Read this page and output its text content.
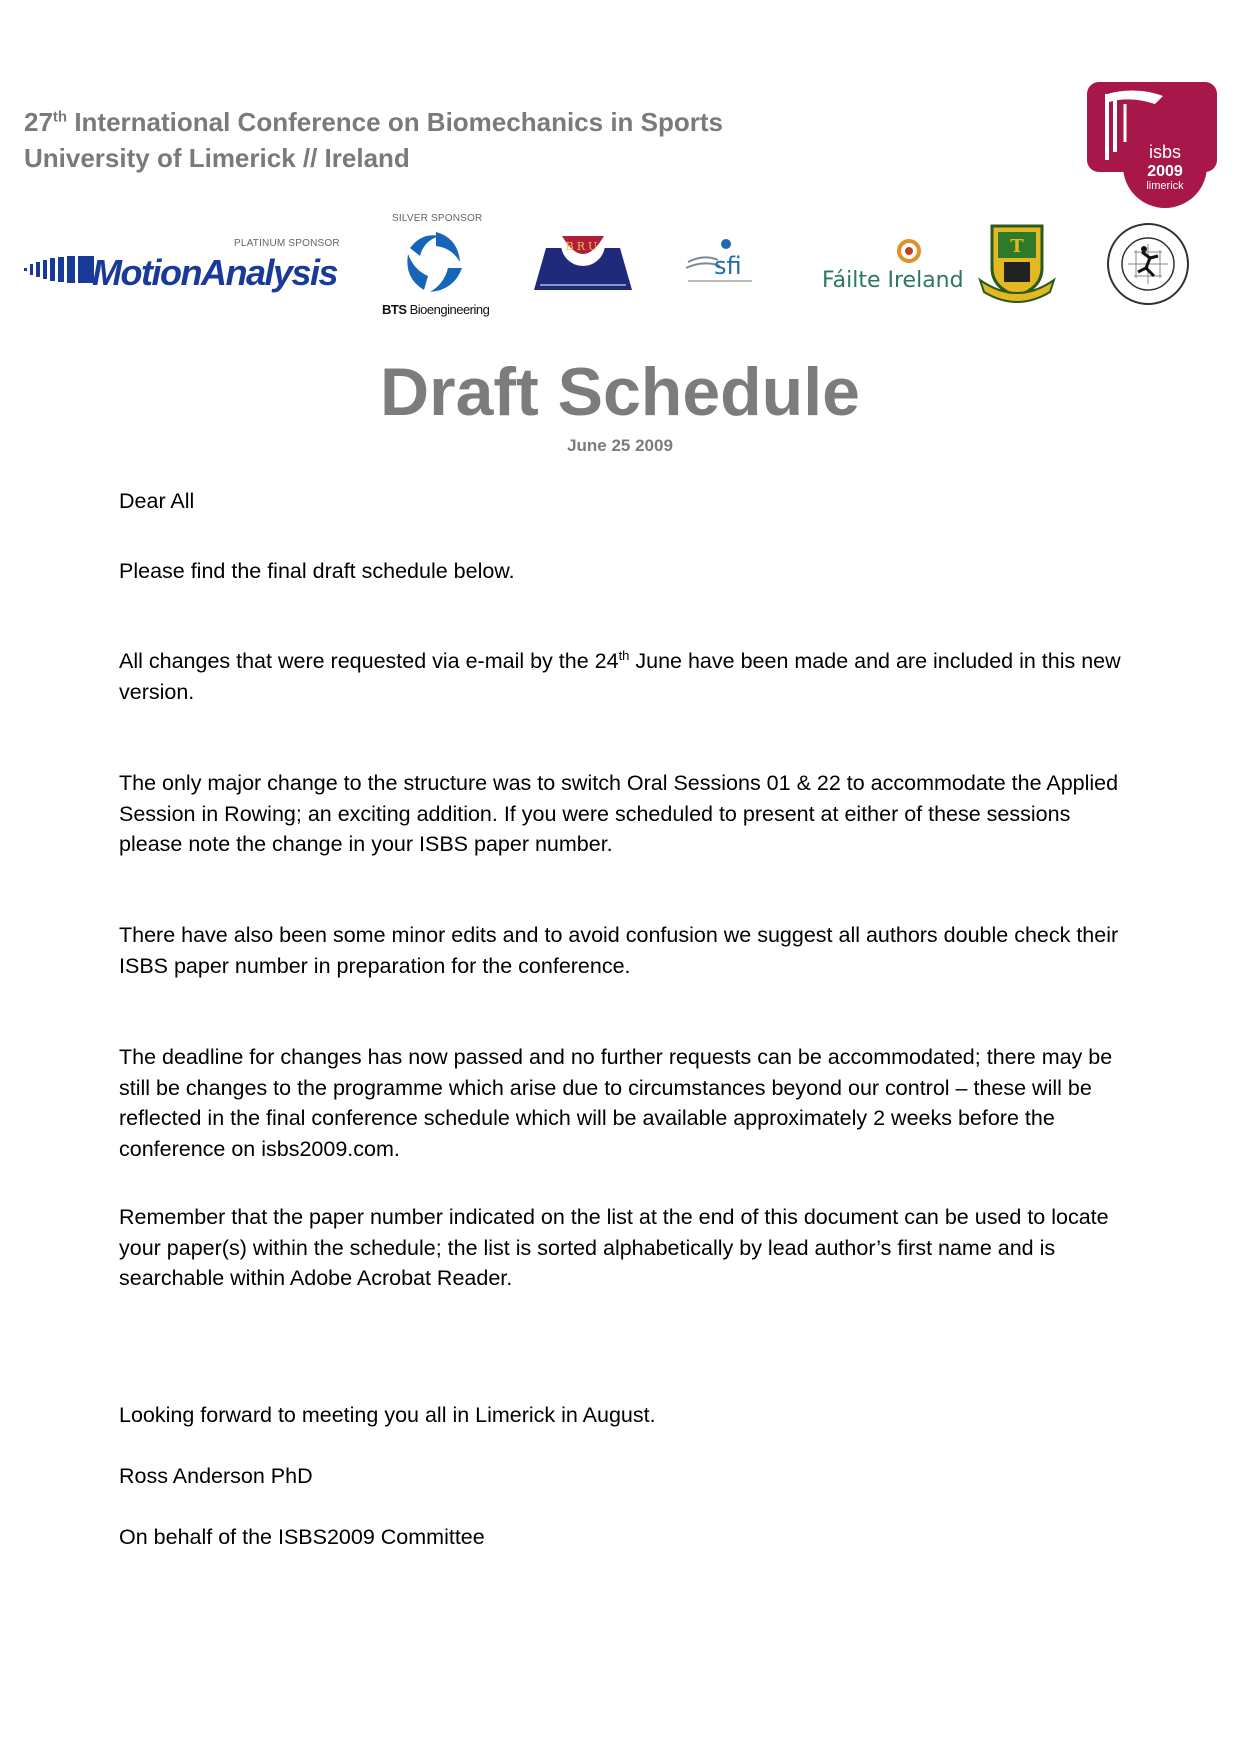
27th International Conference on Biomechanics in Sports
University of Limerick // Ireland	isbs
2009
limerick
SILVER SPONSOR
PLATINUM SPONSOR
MotionAnalysis
BTS Bioengineering
BRU
sfi
Fáilte Ireland
T
Draft Schedule
June 25 2009
Dear All
Please find the final draft schedule below.
All changes that were requested via e-mail by the 24th June have been made and are included in this new version.
The only major change to the structure was to switch Oral Sessions 01 & 22 to accommodate the Applied Session in Rowing; an exciting addition. If you were scheduled to present at either of these sessions please note the change in your ISBS paper number.
There have also been some minor edits and to avoid confusion we suggest all authors double check their ISBS paper number in preparation for the conference.
The deadline for changes has now passed and no further requests can be accommodated; there may be still be changes to the programme which arise due to circumstances beyond our control – these will be reflected in the final conference schedule which will be available approximately 2 weeks before the conference on isbs2009.com.
Remember that the paper number indicated on the list at the end of this document can be used to locate your paper(s) within the schedule; the list is sorted alphabetically by lead author’s first name and is searchable within Adobe Acrobat Reader.
Looking forward to meeting you all in Limerick in August.
Ross Anderson PhD
On behalf of the ISBS2009 Committee
